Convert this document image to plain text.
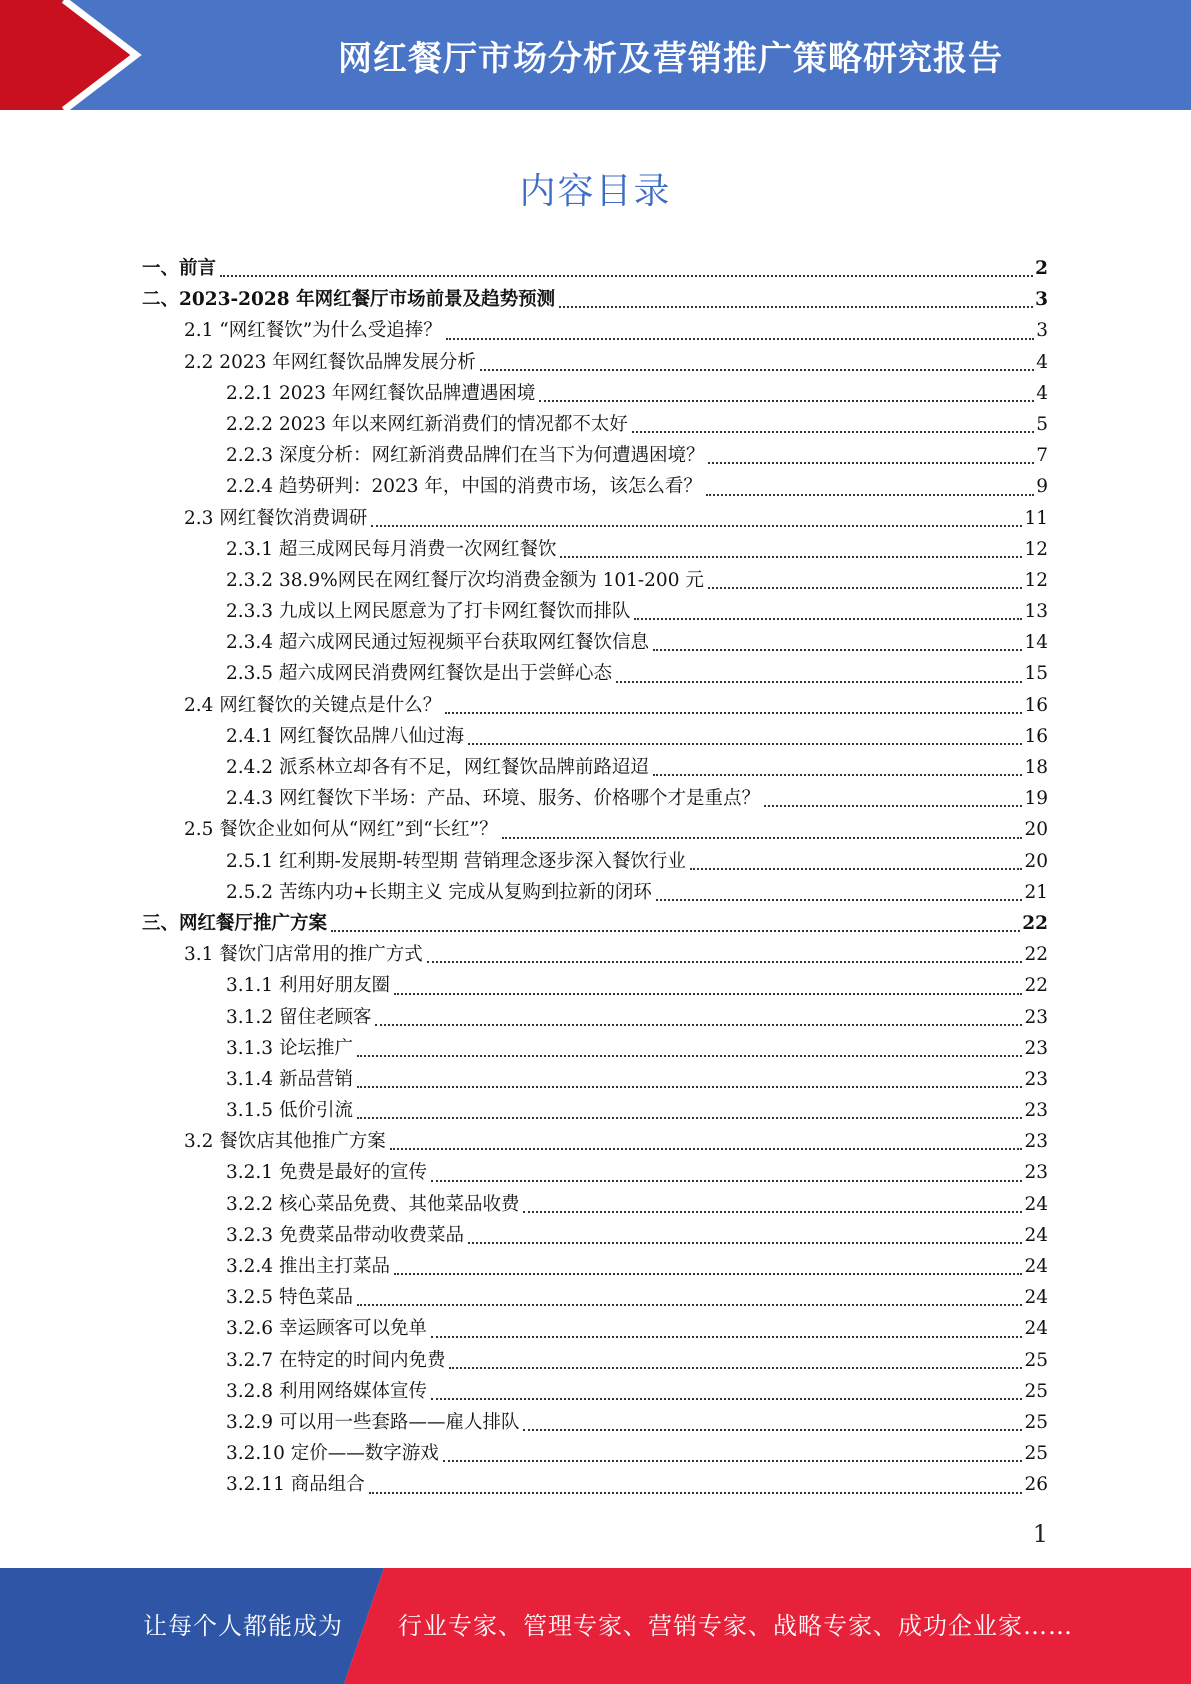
网红餐厅市场分析及营销推广策略研究报告
内容目录
一、前言	2
二、2023-2028 年网红餐厅市场前景及趋势预测	3
2.1 “网红餐饮”为什么受追捧？	3
2.2 2023 年网红餐饮品牌发展分析	4
2.2.1 2023 年网红餐饮品牌遭遇困境	4
2.2.2 2023 年以来网红新消费们的情况都不太好	5
2.2.3 深度分析：网红新消费品牌们在当下为何遭遇困境？	7
2.2.4 趋势研判：2023 年，中国的消费市场，该怎么看？	9
2.3 网红餐饮消费调研	11
2.3.1 超三成网民每月消费一次网红餐饮	12
2.3.2 38.9%网民在网红餐厅次均消费金额为 101-200 元	12
2.3.3 九成以上网民愿意为了打卡网红餐饮而排队	13
2.3.4 超六成网民通过短视频平台获取网红餐饮信息	14
2.3.5 超六成网民消费网红餐饮是出于尝鲜心态	15
2.4 网红餐饮的关键点是什么？	16
2.4.1 网红餐饮品牌八仙过海	16
2.4.2 派系林立却各有不足，网红餐饮品牌前路迢迢	18
2.4.3 网红餐饮下半场：产品、环境、服务、价格哪个才是重点？	19
2.5 餐饮企业如何从“网红”到“长红”？	20
2.5.1 红利期-发展期-转型期 营销理念逐步深入餐饮行业	20
2.5.2 苦练内功+长期主义 完成从复购到拉新的闭环	21
三、网红餐厅推广方案	22
3.1 餐饮门店常用的推广方式	22
3.1.1 利用好朋友圈	22
3.1.2 留住老顾客	23
3.1.3 论坛推广	23
3.1.4 新品营销	23
3.1.5 低价引流	23
3.2 餐饮店其他推广方案	23
3.2.1 免费是最好的宣传	23
3.2.2 核心菜品免费、其他菜品收费	24
3.2.3 免费菜品带动收费菜品	24
3.2.4 推出主打菜品	24
3.2.5 特色菜品	24
3.2.6 幸运顾客可以免单	24
3.2.7 在特定的时间内免费	25
3.2.8 利用网络媒体宣传	25
3.2.9 可以用一些套路——雇人排队	25
3.2.10 定价——数字游戏	25
3.2.11 商品组合	26
1
让每个人都能成为 行业专家、管理专家、营销专家、战略专家、成功企业家……
